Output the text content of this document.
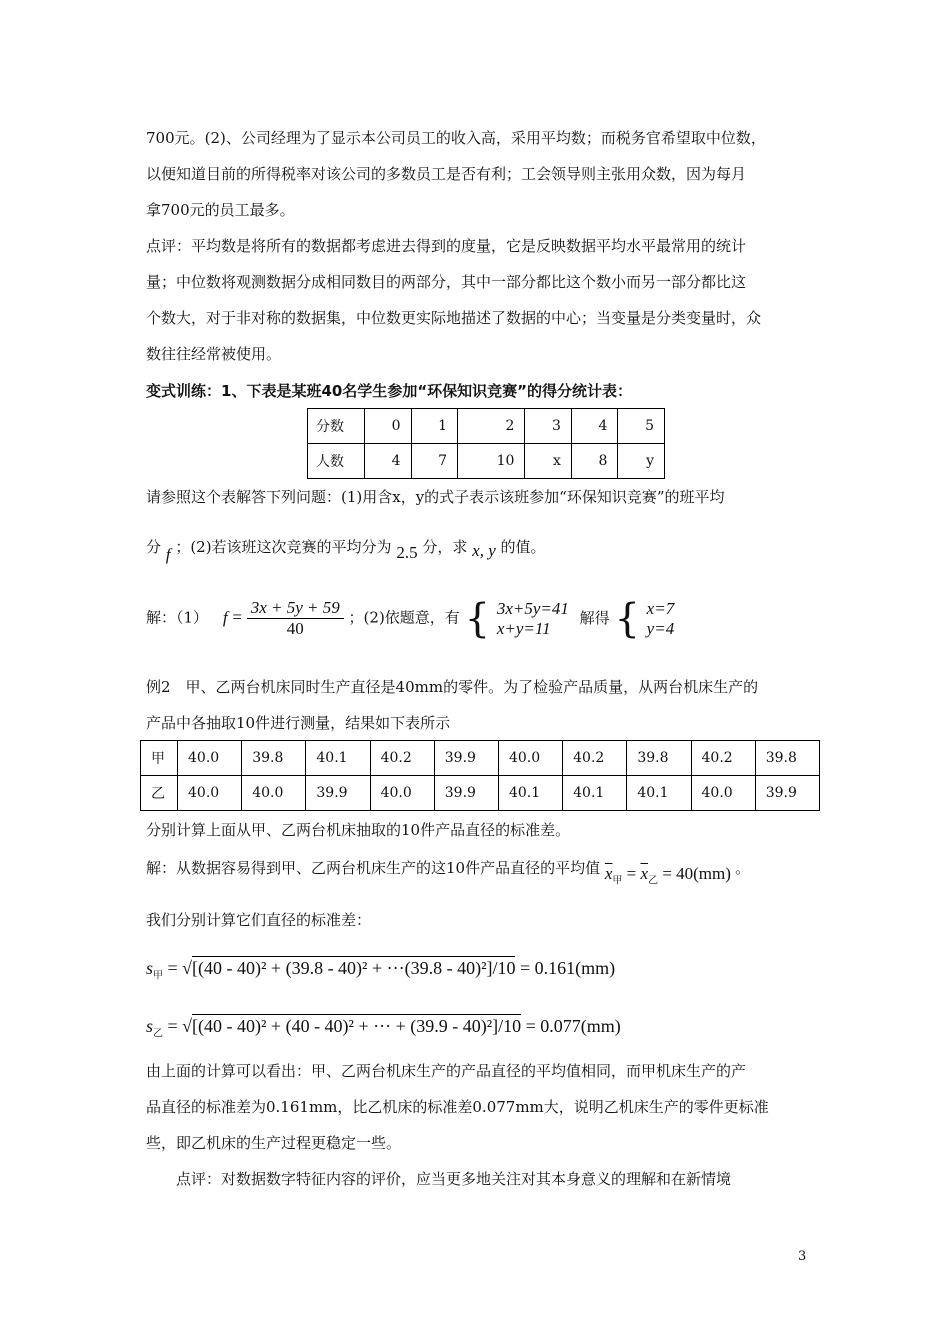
700元。(2)、公司经理为了显示本公司员工的收入高，采用平均数；而税务官希望取中位数，
以便知道目前的所得税率对该公司的多数员工是否有利；工会领导则主张用众数，因为每月
拿700元的员工最多。
点评：平均数是将所有的数据都考虑进去得到的度量，它是反映数据平均水平最常用的统计
量；中位数将观测数据分成相同数目的两部分，其中一部分都比这个数小而另一部分都比这
个数大，对于非对称的数据集，中位数更实际地描述了数据的中心；当变量是分类变量时，众
数往往经常被使用。
变式训练：1、下表是某班40名学生参加“环保知识竞赛”的得分统计表：
分数	0	1	2	3	4	5
人数	4	7	10	x	8	y
请参照这个表解答下列问题：(1)用含x，y的式子表示该班参加“环保知识竞赛”的班平均
分 f ；(2)若该班这次竞赛的平均分为 2.5 分，求 x, y 的值。
解：（1） $f = \frac{3x + 5y + 59}{40}$ ；(2)依题意，有 { 3x+5y=41
x+y=11
解得 { x=7
y=4
例2　甲、乙两台机床同时生产直径是40mm的零件。为了检验产品质量，从两台机床生产的
产品中各抽取10件进行测量，结果如下表所示
甲	40.0	39.8	40.1	40.2	39.9	40.0	40.2	39.8	40.2	39.8
乙	40.0	40.0	39.9	40.0	39.9	40.1	40.1	40.1	40.0	39.9
分别计算上面从甲、乙两台机床抽取的10件产品直径的标准差。
解：从数据容易得到甲、乙两台机床生产的这10件产品直径的平均值 $\overline{x}_甲 = \overline{x}_乙 = 40(mm)$ 。
我们分别计算它们直径的标准差：
$s_甲 = √[(40 - 40)^2 + (39.8 - 40)^2 + \cdot\cdot\cdot(39.8 - 40)^2]/10 = 0.161(mm)$
$s_乙 = √[(40 - 40)^2 + (40 - 40)^2$ + ··· + (39.9 - 40)²]/10 = 0.077(mm)
由上面的计算可以看出：甲、乙两台机床生产的产品直径的平均值相同，而甲机床生产的产
品直径的标准差为0.161mm，比乙机床的标准差0.077mm大，说明乙机床生产的零件更标准
些，即乙机床的生产过程更稳定一些。
　　点评：对数据数字特征内容的评价，应当更多地关注对其本身意义的理解和在新情境
3
